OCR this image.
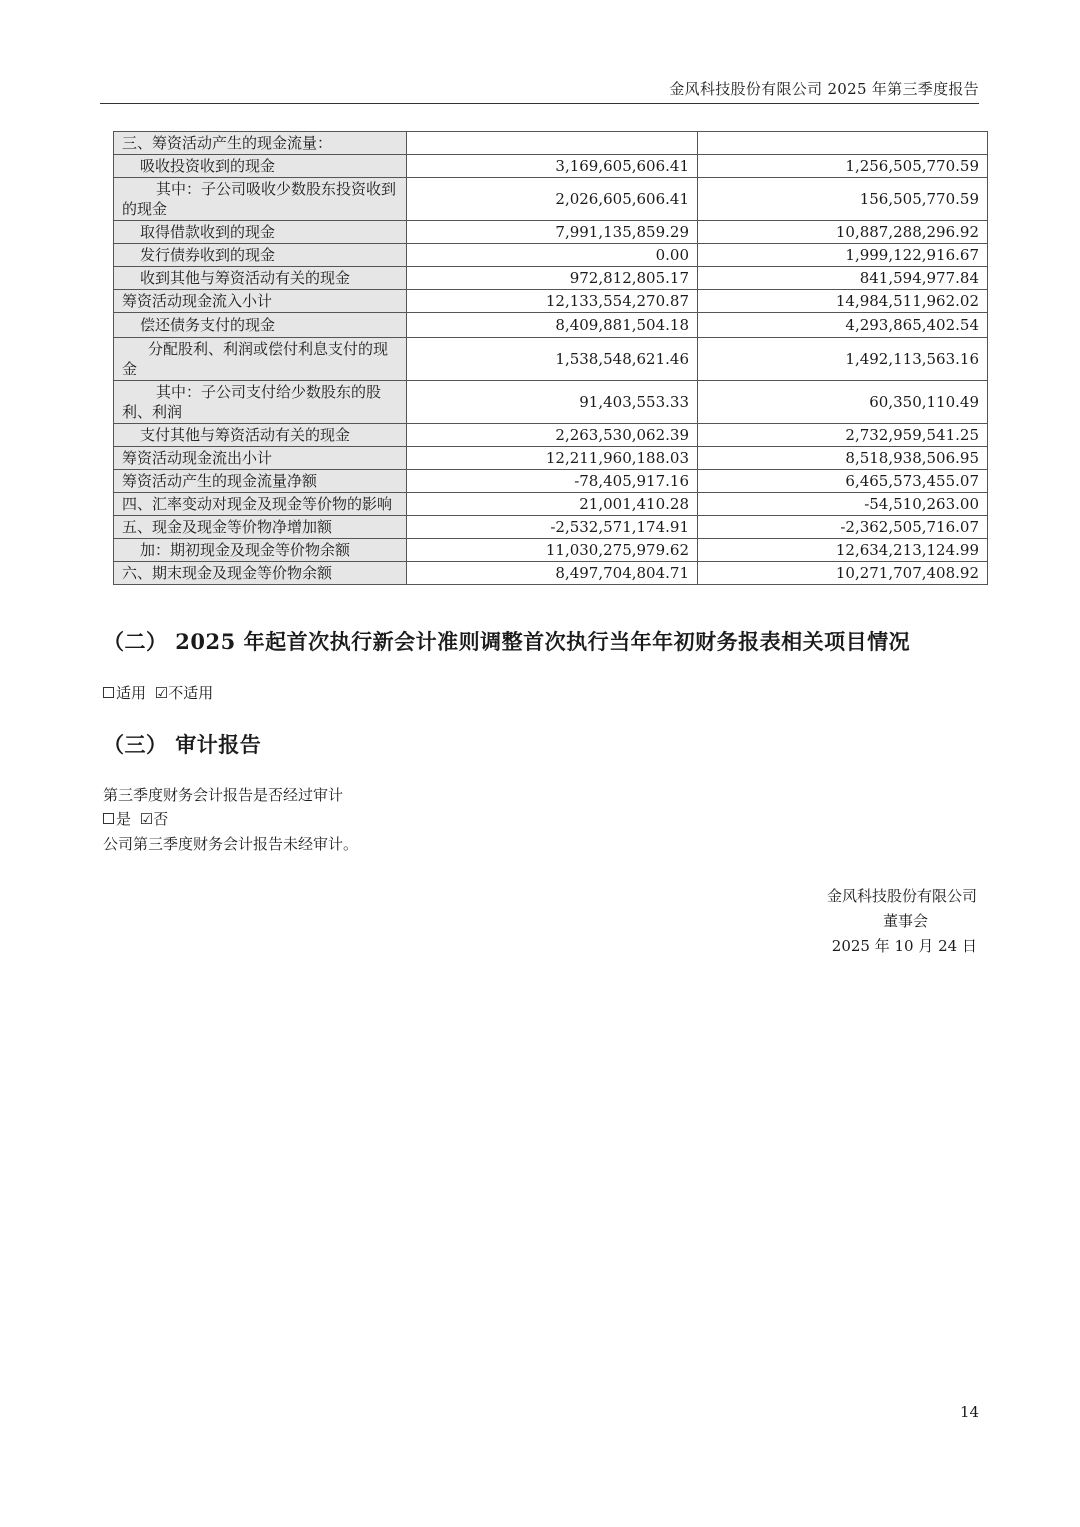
金风科技股份有限公司 2025 年第三季度报告
三、筹资活动产生的现金流量：		
吸收投资收到的现金	3,169,605,606.41	1,256,505,770.59
其中：子公司吸收少数股东投资收到的现金	2,026,605,606.41	156,505,770.59
取得借款收到的现金	7,991,135,859.29	10,887,288,296.92
发行债券收到的现金	0.00	1,999,122,916.67
收到其他与筹资活动有关的现金	972,812,805.17	841,594,977.84
筹资活动现金流入小计	12,133,554,270.87	14,984,511,962.02
偿还债务支付的现金	8,409,881,504.18	4,293,865,402.54
分配股利、利润或偿付利息支付的现金	1,538,548,621.46	1,492,113,563.16
其中：子公司支付给少数股东的股利、利润	91,403,553.33	60,350,110.49
支付其他与筹资活动有关的现金	2,263,530,062.39	2,732,959,541.25
筹资活动现金流出小计	12,211,960,188.03	8,518,938,506.95
筹资活动产生的现金流量净额	-78,405,917.16	6,465,573,455.07
四、汇率变动对现金及现金等价物的影响	21,001,410.28	-54,510,263.00
五、现金及现金等价物净增加额	-2,532,571,174.91	-2,362,505,716.07
加：期初现金及现金等价物余额	11,030,275,979.62	12,634,213,124.99
六、期末现金及现金等价物余额	8,497,704,804.71	10,271,707,408.92
（二） 2025 年起首次执行新会计准则调整首次执行当年年初财务报表相关项目情况
适用 ☑不适用
（三） 审计报告
第三季度财务会计报告是否经过审计
是 ☑否
公司第三季度财务会计报告未经审计。
金风科技股份有限公司
董事会
2025 年 10 月 24 日
14
